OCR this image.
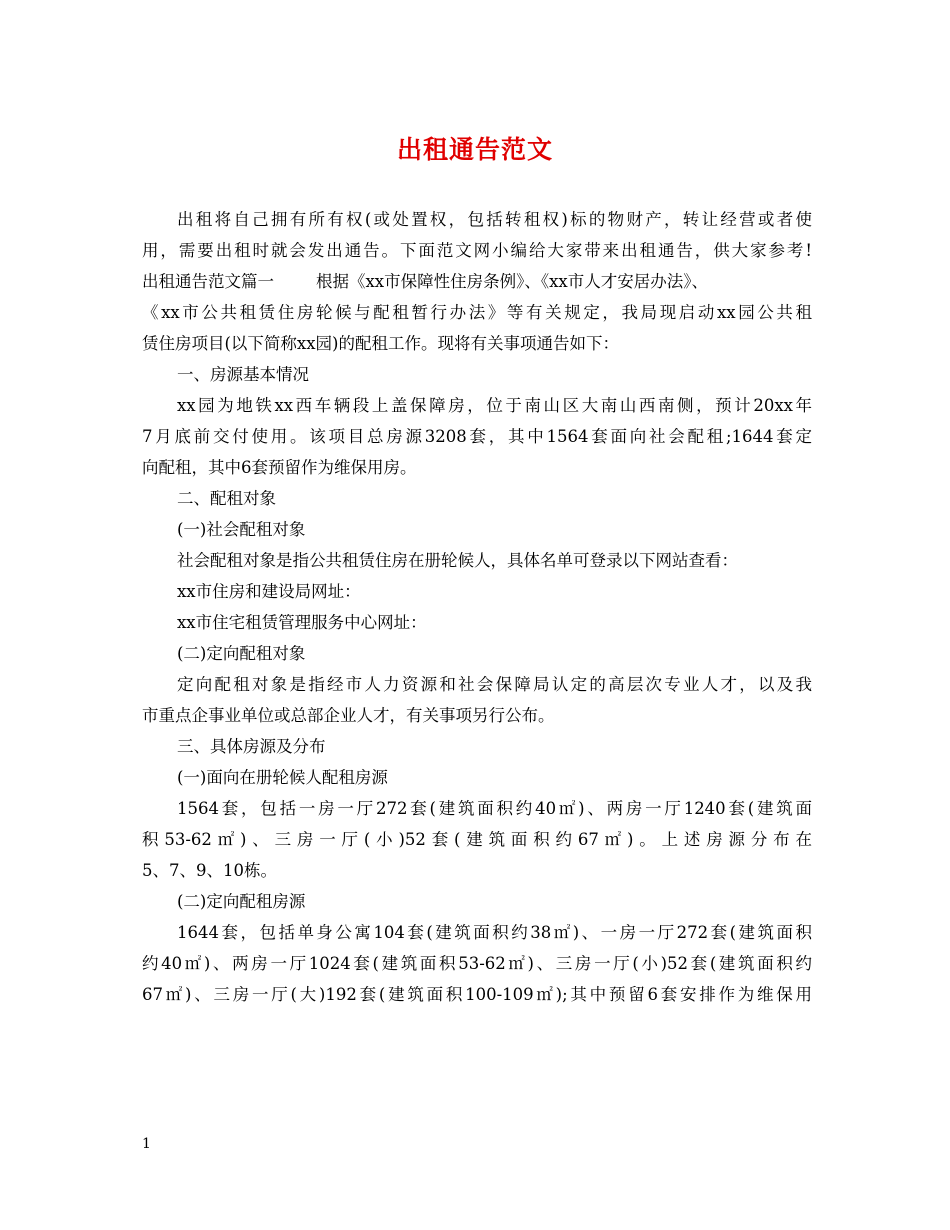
出租通告范文
出租将自己拥有所有权(或处置权，包括转租权)标的物财产，转让经营或者使
用，需要出租时就会发出通告。下面范文网小编给大家带来出租通告，供大家参考!
出租通告范文篇一	根据《xx市保障性住房条例》、《xx市人才安居办法》、
《xx市公共租赁住房轮候与配租暂行办法》等有关规定，我局现启动xx园公共租
赁住房项目(以下简称xx园)的配租工作。现将有关事项通告如下：
一、房源基本情况
xx园为地铁xx西车辆段上盖保障房，位于南山区大南山西南侧，预计20xx年
7月底前交付使用。该项目总房源3208套，其中1564套面向社会配租;1644套定
向配租，其中6套预留作为维保用房。
二、配租对象
(一)社会配租对象
社会配租对象是指公共租赁住房在册轮候人，具体名单可登录以下网站查看：
xx市住房和建设局网址：
xx市住宅租赁管理服务中心网址：
(二)定向配租对象
定向配租对象是指经市人力资源和社会保障局认定的高层次专业人才，以及我
市重点企事业单位或总部企业人才，有关事项另行公布。
三、具体房源及分布
(一)面向在册轮候人配租房源
1564套，包括一房一厅272套(建筑面积约40㎡)、两房一厅1240套(建筑面
积53-62㎡)、三房一厅(小)52套(建筑面积约67㎡)。上述房源分布在
5、7、9、10栋。
(二)定向配租房源
1644套，包括单身公寓104套(建筑面积约38㎡)、一房一厅272套(建筑面积
约40㎡)、两房一厅1024套(建筑面积53-62㎡)、三房一厅(小)52套(建筑面积约
67㎡)、三房一厅(大)192套(建筑面积100-109㎡);其中预留6套安排作为维保用
1
